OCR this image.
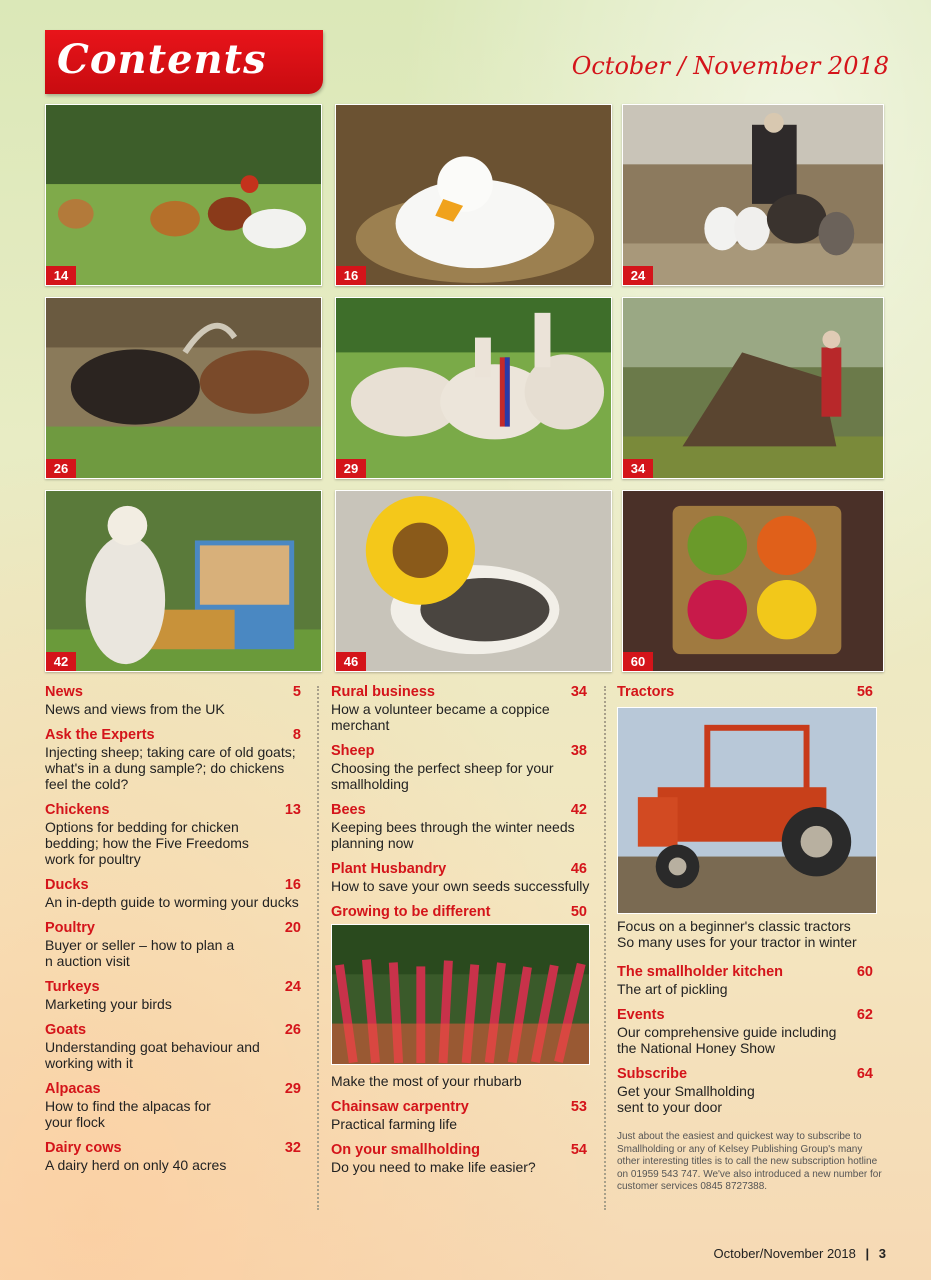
Contents	October / November 2018
14	16	24
26	29	34
42	46	60
News	5
News and views from the UK
Ask the Experts	8
Injecting sheep; taking care of old goats; what's in a dung sample?; do chickens feel the cold?
Chickens	13
Options for bedding for chicken bedding; how the Five Freedoms work for poultry
Ducks	16
An in-depth guide to worming your ducks
Poultry	20
Buyer or seller – how to plan a n auction visit
Turkeys	24
Marketing your birds
Goats	26
Understanding goat behaviour and working with it
Alpacas	29
How to find the alpacas for your flock
Dairy cows	32
A dairy herd on only 40 acres
Rural business	34
How a volunteer became a coppice merchant
Sheep	38
Choosing the perfect sheep for your smallholding
Bees	42
Keeping bees through the winter needs planning now
Plant Husbandry	46
How to save your own seeds successfully
Growing to be different	50
Make the most of your rhubarb
Chainsaw carpentry	53
Practical farming life
On your smallholding	54
Do you need to make life easier?
Tractors	56
Focus on a beginner's classic tractors
So many uses for your tractor in winter
The smallholder kitchen	60
The art of pickling
Events	62
Our comprehensive guide including the National Honey Show
Subscribe	64
Get your Smallholding sent to your door
Just about the easiest and quickest way to subscribe to Smallholding or any of Kelsey Publishing Group's many other interesting titles is to call the new subscription hotline on 01959 543 747. We've also introduced a new number for customer services 0845 8727388.
October/November 2018 | 3
